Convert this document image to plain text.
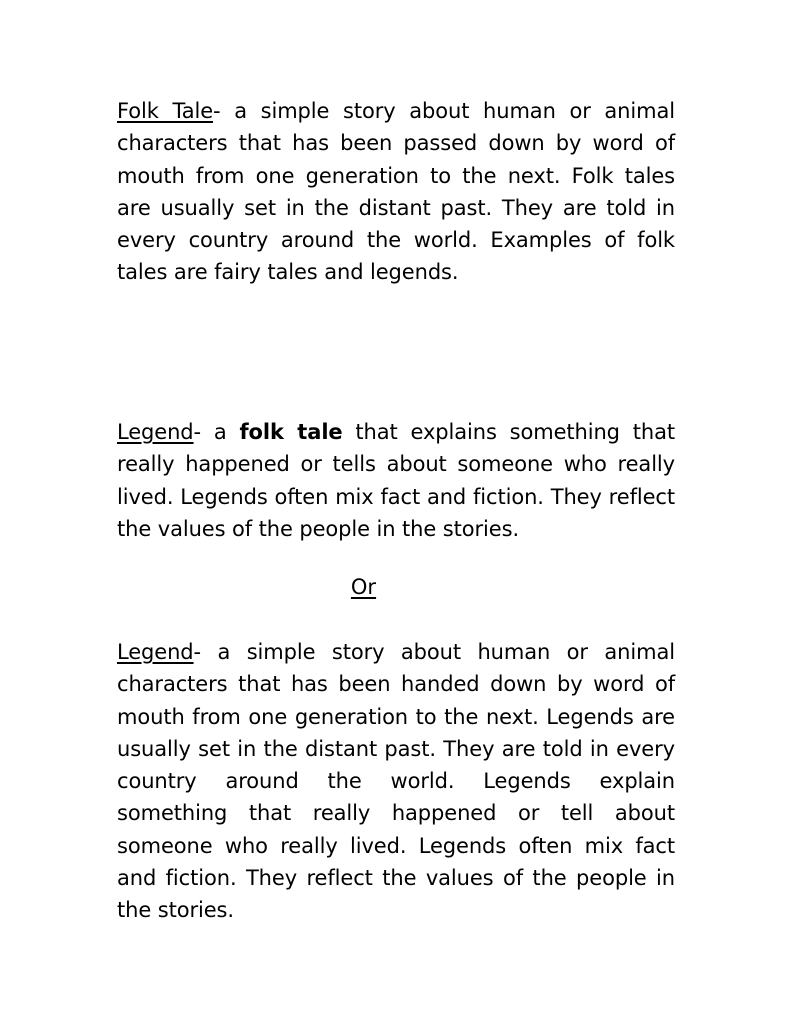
Folk Tale- a simple story about human or animal characters that has been passed down by word of mouth from one generation to the next. Folk tales are usually set in the distant past. They are told in every country around the world. Examples of folk tales are fairy tales and legends.

Legend- a folk tale that explains something that really happened or tells about someone who really lived. Legends often mix fact and fiction. They reflect the values of the people in the stories.

Or

Legend- a simple story about human or animal characters that has been handed down by word of mouth from one generation to the next. Legends are usually set in the distant past. They are told in every country around the world. Legends explain something that really happened or tell about someone who really lived. Legends often mix fact and fiction. They reflect the values of the people in the stories.
